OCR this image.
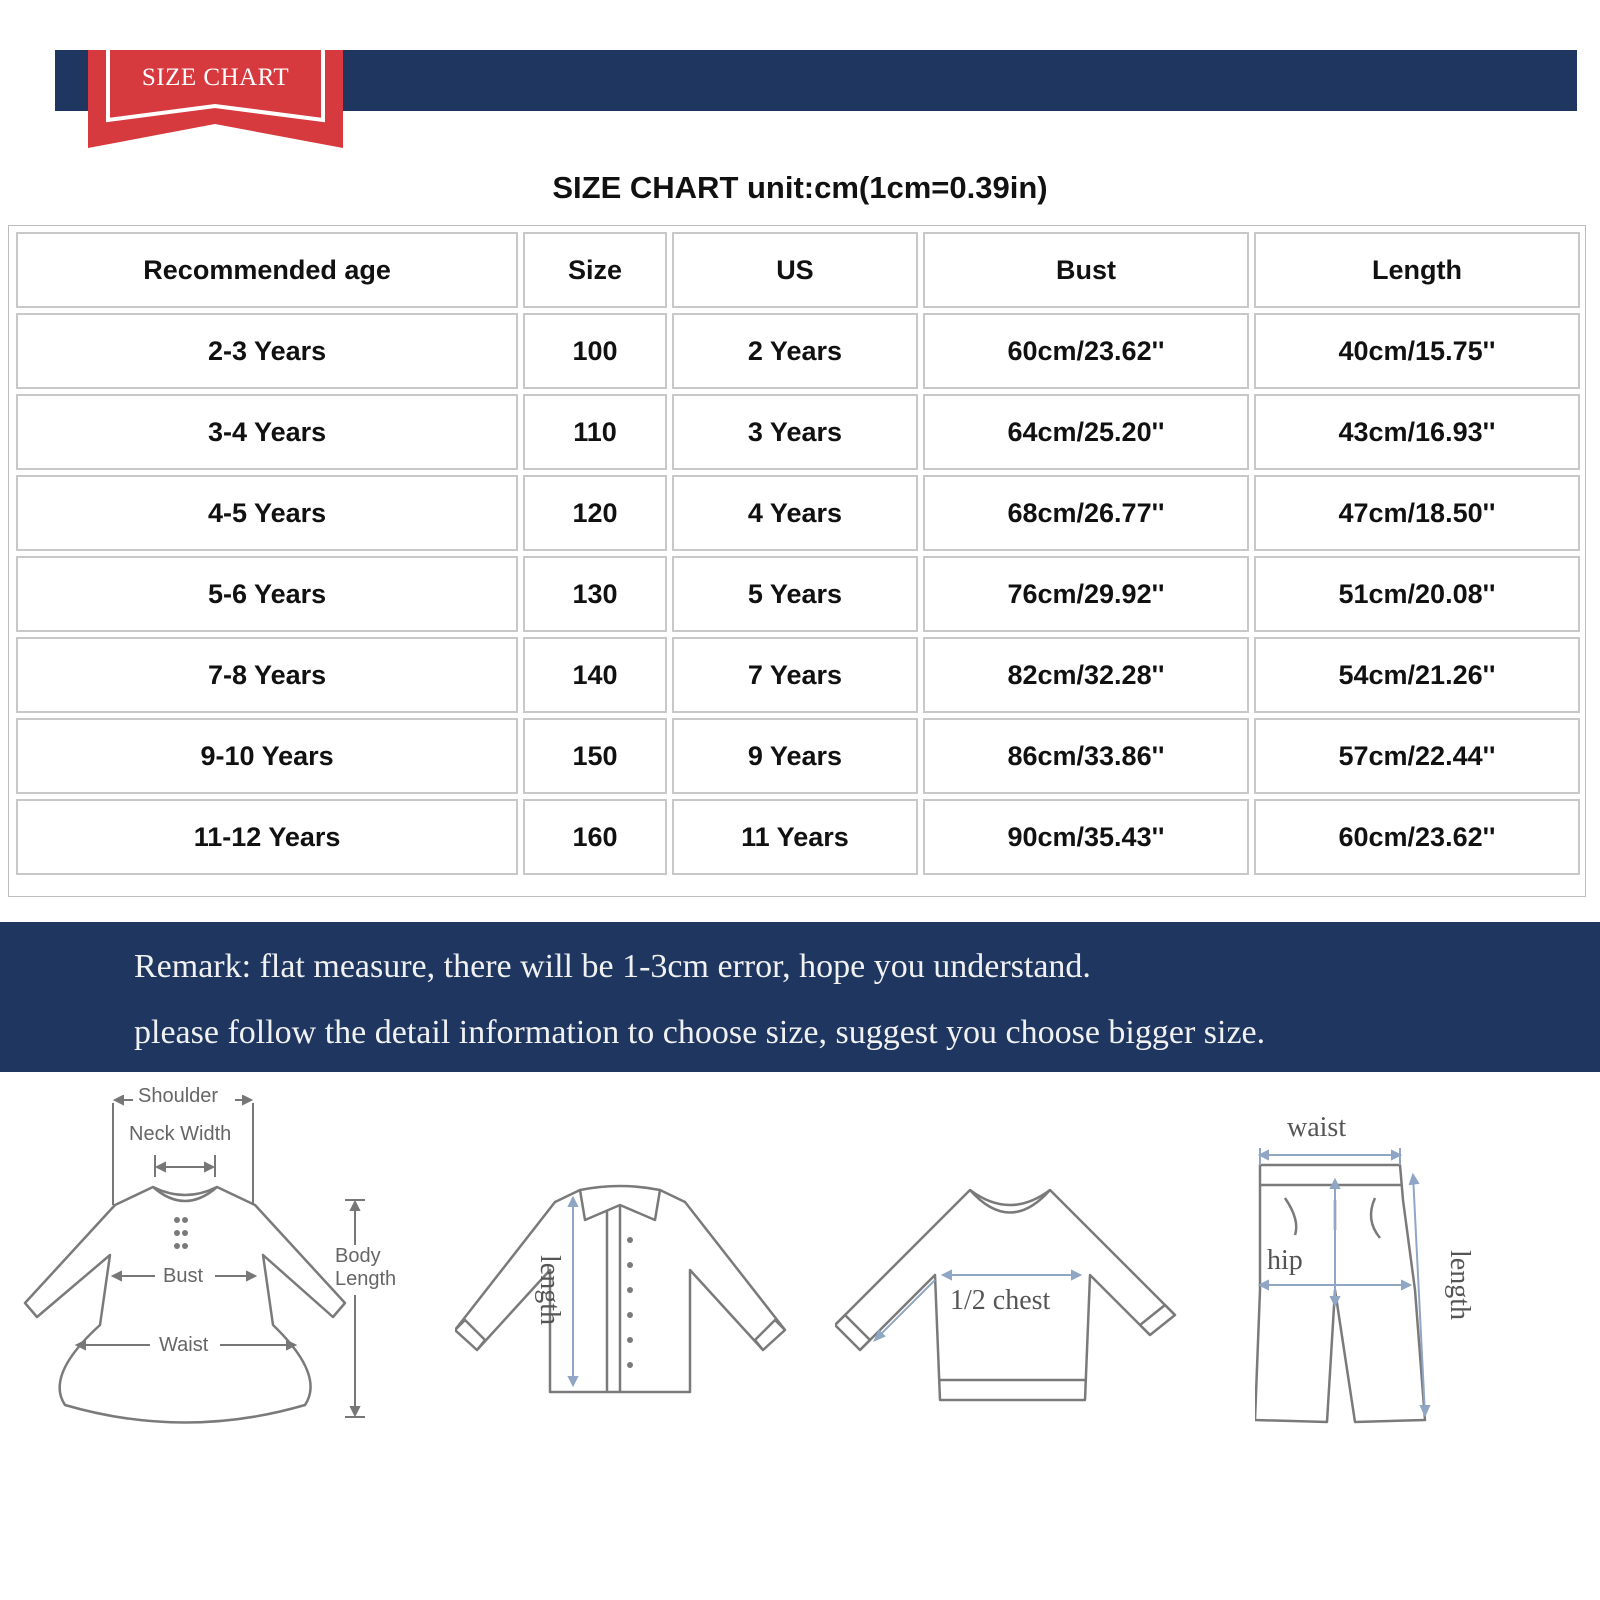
SIZE CHART
SIZE CHART unit:cm(1cm=0.39in)
Recommended age	Size	US	Bust	Length
2-3 Years	100	2 Years	60cm/23.62''	40cm/15.75''
3-4 Years	110	3 Years	64cm/25.20''	43cm/16.93''
4-5 Years	120	4 Years	68cm/26.77''	47cm/18.50''
5-6 Years	130	5 Years	76cm/29.92''	51cm/20.08''
7-8 Years	140	7 Years	82cm/32.28''	54cm/21.26''
9-10 Years	150	9 Years	86cm/33.86''	57cm/22.44''
11-12 Years	160	11 Years	90cm/35.43''	60cm/23.62''
Remark: flat measure, there will be 1-3cm error, hope you understand.
please follow the detail information to choose size, suggest you choose bigger size.
Shoulder
Neck Width
Bust
Waist
Body
Length	length	1/2 chest
waist
hip	length
